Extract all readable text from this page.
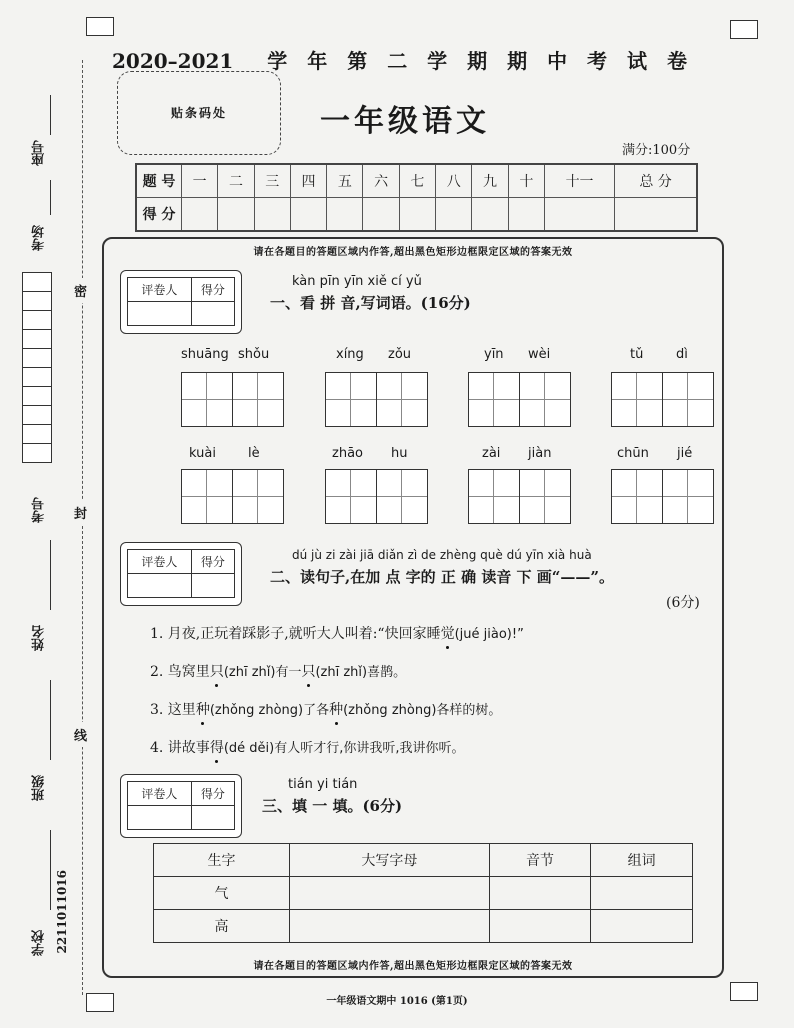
座号
考场
考号
姓名
班级
学校 2211011016
密
封
线
2020–2021 学 年 第 二 学 期 期 中 考 试 卷
贴条码处	一年级语文
满分:100分
题 号	一	二	三	四	五	六	七	八	九	十	十一	总 分
得 分												
请在各题目的答题区域内作答,超出黑色矩形边框限定区域的答案无效
请在各题目的答题区域内作答,超出黑色矩形边框限定区域的答案无效
评卷人	得分

kàn pīn yīn xiě cí yǔ
一、看 拼 音,写词语。(16分)
shuāng shǒu	xíng zǒu	yīn wèi	tǔ	dì
kuài lè	zhāo hu	zài jiàn	chūn jié
评卷人	得分
		dú jù zi zài jiā diǎn zì de zhèng què dú yīn xià huà
二、读句子,在加 点 字的 正 确 读音 下 画“——”。
(6分)
1. 月夜,正玩着踩影子,就听大人叫着:“快回家睡觉(jué jiào)!”
2. 鸟窝里只(zhī zhǐ)有一只(zhī zhǐ)喜鹊。
3. 这里种(zhǒng zhòng)了各种(zhǒng zhòng)各样的树。
4. 讲故事得(dé děi)有人听才行,你讲我听,我讲你听。
评卷人	得分

tián yi tián
三、填 一 填。(6分)
生字	大写字母	音节	组词
气			
高			
一年级语文期中 1016 (第1页)
